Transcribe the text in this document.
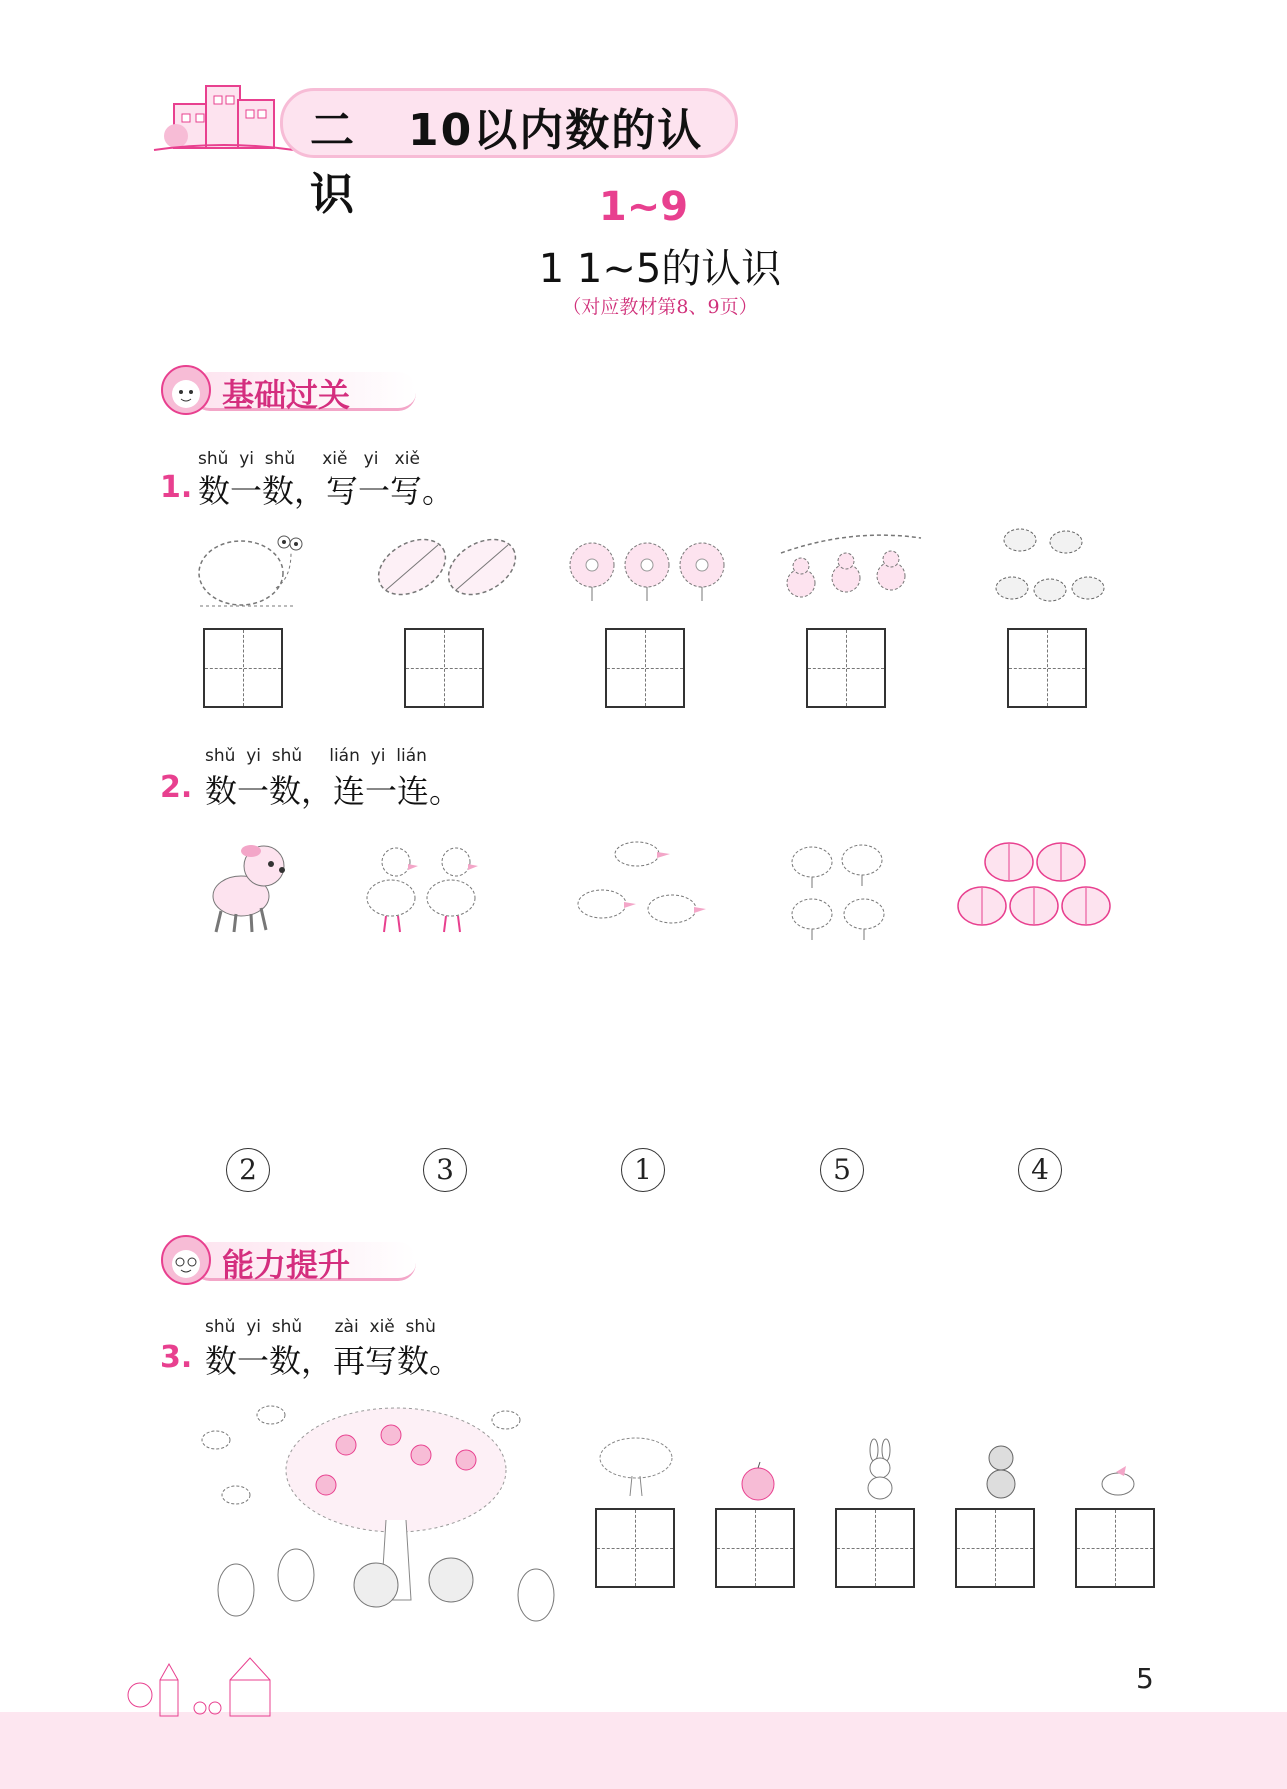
二 10以内数的认识	1~9
1 1~5的认识
（对应教材第8、9页）
基础过关
shǔ  yi  shǔ     xiě   yi   xiě
1. 数一数，写一写。
shǔ  yi  shǔ     lián  yi  lián
2. 数一数，连一连。
2	3	1	5	4
能力提升
shǔ  yi  shǔ      zài  xiě  shù
3. 数一数，再写数。
5
